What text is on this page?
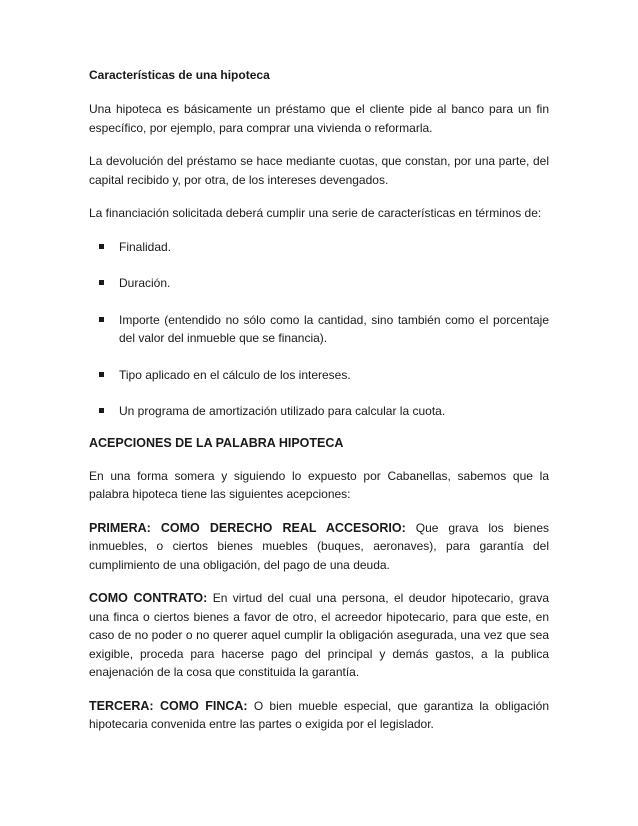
Características de una hipoteca

Una hipoteca es básicamente un préstamo que el cliente pide al banco para un fin específico, por ejemplo, para comprar una vivienda o reformarla.

La devolución del préstamo se hace mediante cuotas, que constan, por una parte, del capital recibido y, por otra, de los intereses devengados.

La financiación solicitada deberá cumplir una serie de características en términos de:

Finalidad.
Duración.
Importe (entendido no sólo como la cantidad, sino también como el porcentaje del valor del inmueble que se financia).
Tipo aplicado en el cálculo de los intereses.
Un programa de amortización utilizado para calcular la cuota.
ACEPCIONES DE LA PALABRA HIPOTECA

En una forma somera y siguiendo lo expuesto por Cabanellas, sabemos que la palabra hipoteca tiene las siguientes acepciones:

PRIMERA: COMO DERECHO REAL ACCESORIO: Que grava los bienes inmuebles, o ciertos bienes muebles (buques, aeronaves), para garantía del cumplimiento de una obligación, del pago de una deuda.

COMO CONTRATO: En virtud del cual una persona, el deudor hipotecario, grava una finca o ciertos bienes a favor de otro, el acreedor hipotecario, para que este, en caso de no poder o no querer aquel cumplir la obligación asegurada, una vez que sea exigible, proceda para hacerse pago del principal y demás gastos, a la publica enajenación de la cosa que constituida la garantía.

TERCERA: COMO FINCA: O bien mueble especial, que garantiza la obligación hipotecaria convenida entre las partes o exigida por el legislador.
